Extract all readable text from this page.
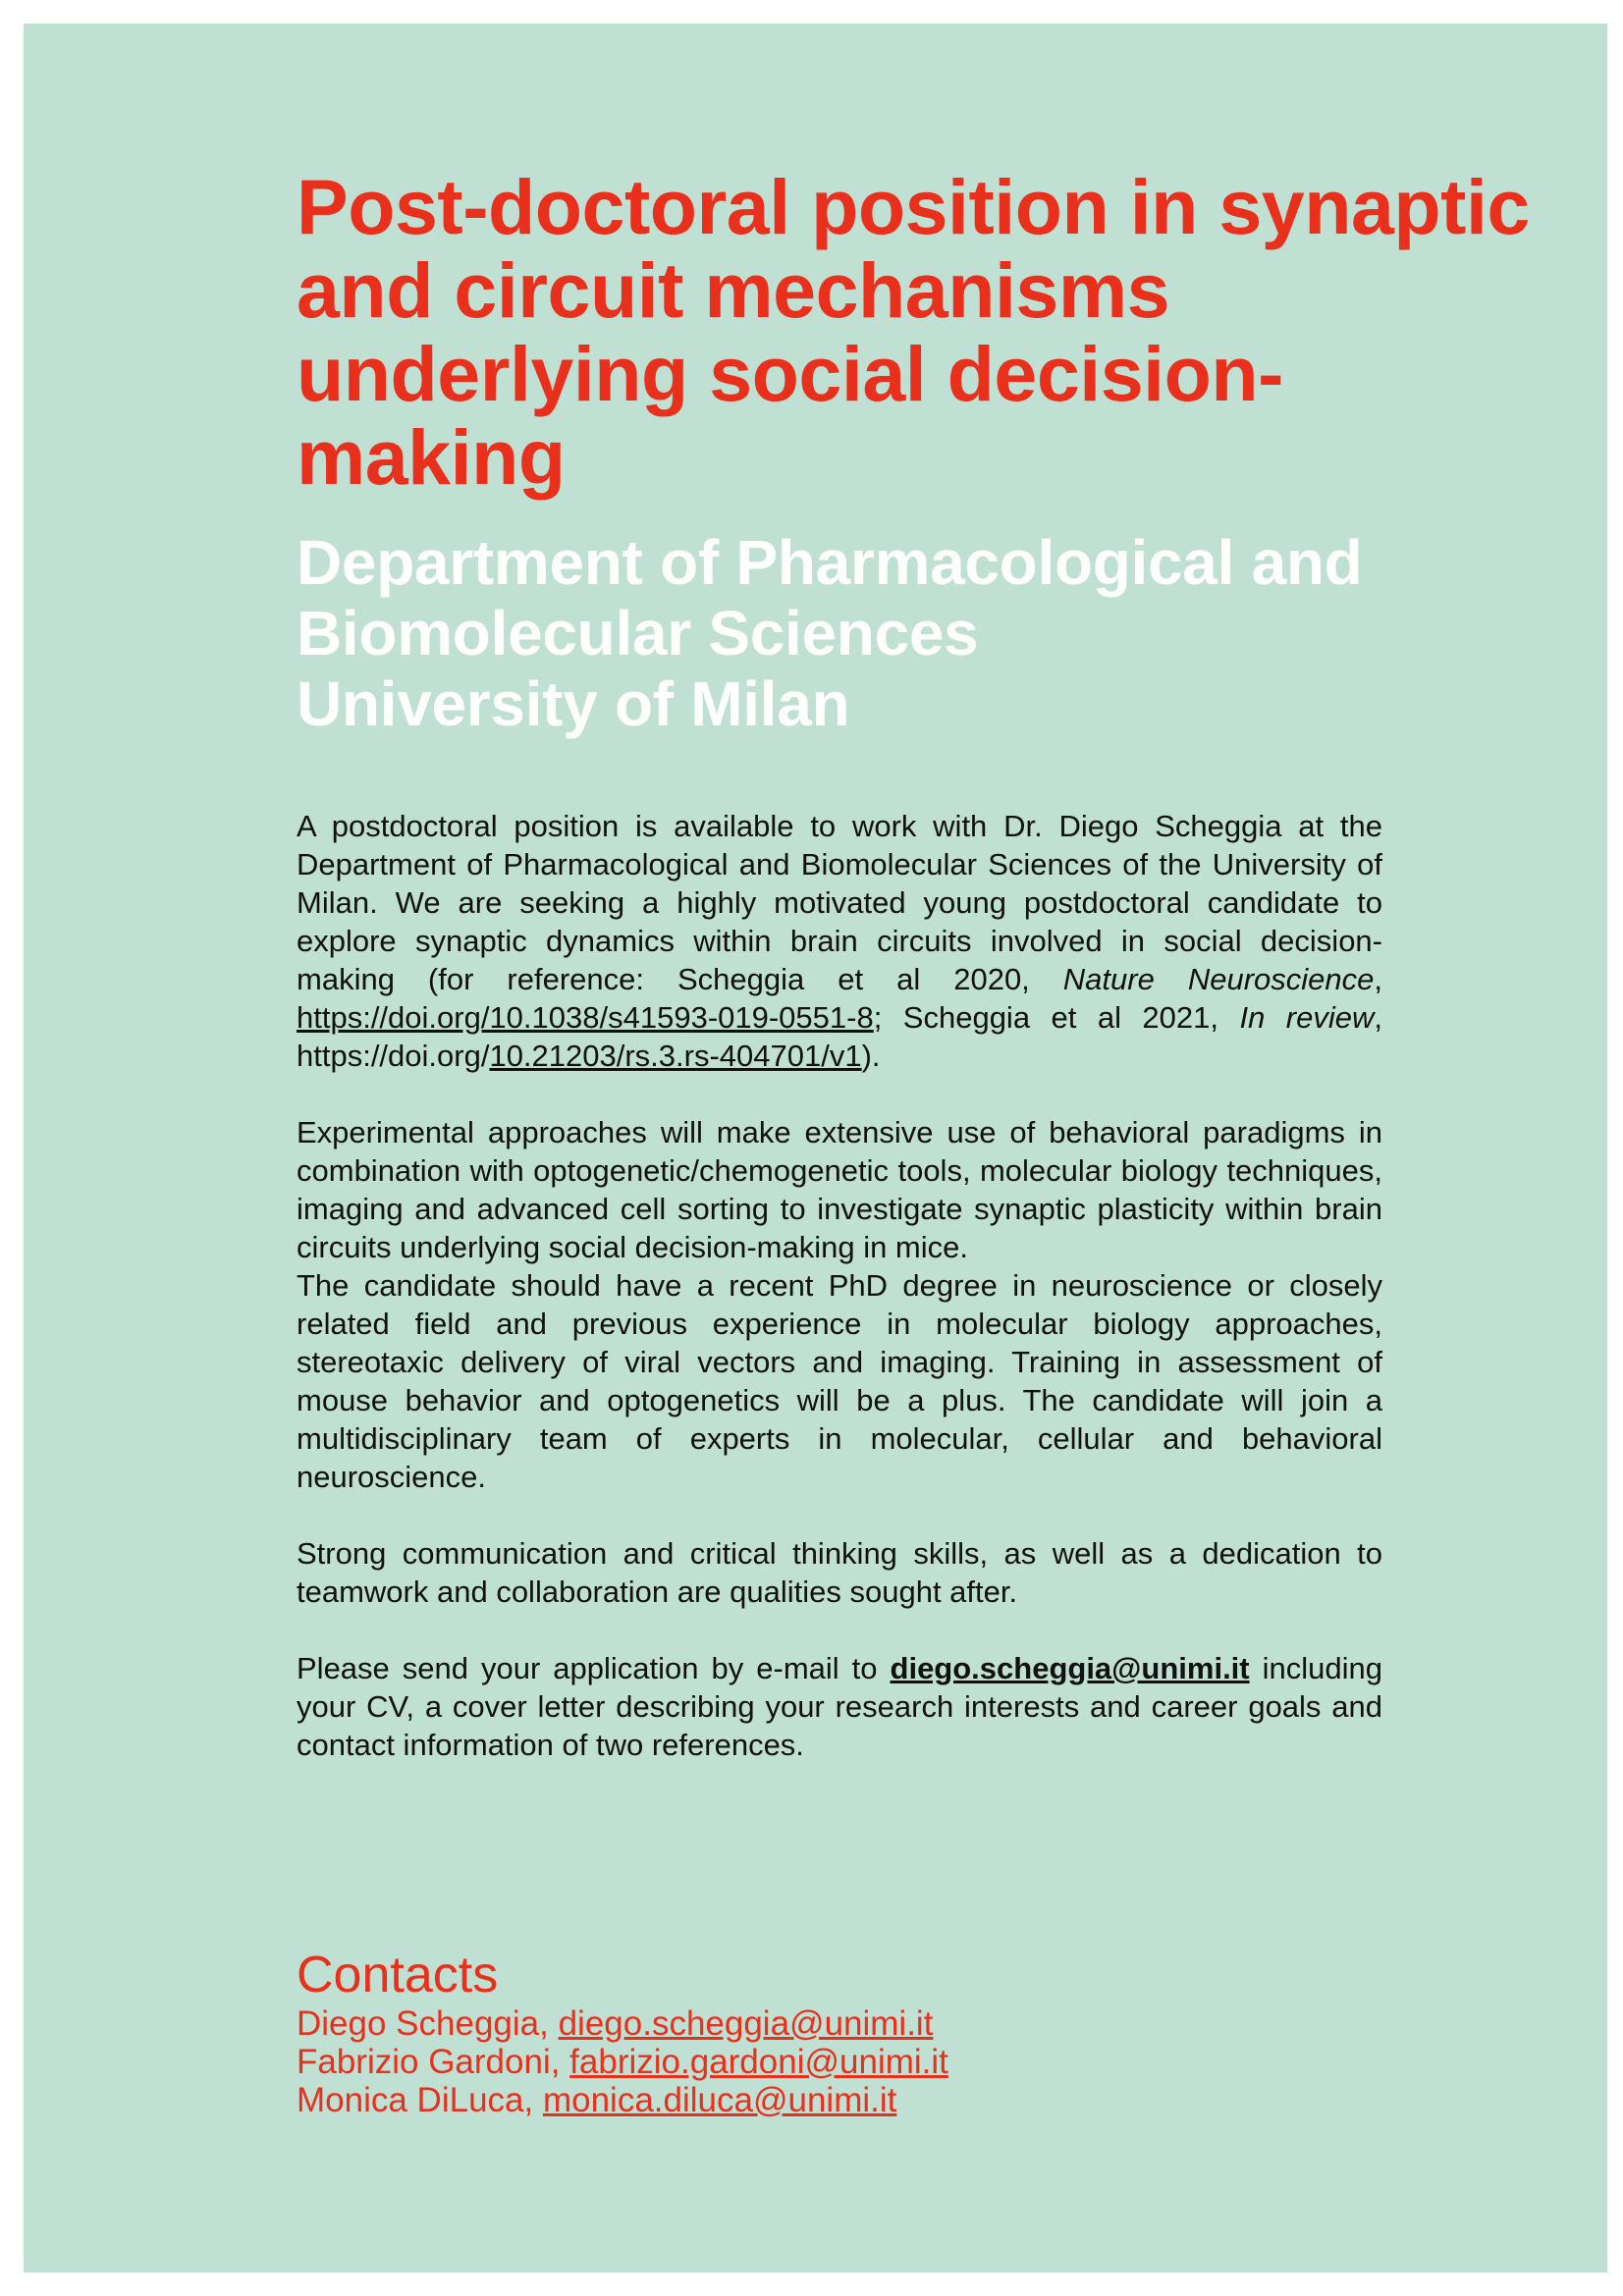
Post-doctoral position in synaptic and circuit mechanisms underlying social decision-making
Department of Pharmacological and
Biomolecular Sciences
University of Milan

A postdoctoral position is available to work with Dr. Diego Scheggia at the Department of Pharmacological and Biomolecular Sciences of the University of Milan. We are seeking a highly motivated young postdoctoral candidate to explore synaptic dynamics within brain circuits involved in social decision-making (for reference: Scheggia et al 2020, Nature Neuroscience, https://doi.org/10.1038/s41593-019-0551-8; Scheggia et al 2021, In review, https://doi.org/10.21203/rs.3.rs-404701/v1).

Experimental approaches will make extensive use of behavioral paradigms in combination with optogenetic/chemogenetic tools, molecular biology techniques, imaging and advanced cell sorting to investigate synaptic plasticity within brain circuits underlying social decision-making in mice.

The candidate should have a recent PhD degree in neuroscience or closely related field and previous experience in molecular biology approaches, stereotaxic delivery of viral vectors and imaging. Training in assessment of mouse behavior and optogenetics will be a plus. The candidate will join a multidisciplinary team of experts in molecular, cellular and behavioral neuroscience.

Strong communication and critical thinking skills, as well as a dedication to teamwork and collaboration are qualities sought after.

Please send your application by e-mail to diego.scheggia@unimi.it including your CV, a cover letter describing your research interests and career goals and contact information of two references.

Contacts
Diego Scheggia, diego.scheggia@unimi.it
Fabrizio Gardoni, fabrizio.gardoni@unimi.it
Monica DiLuca, monica.diluca@unimi.it
